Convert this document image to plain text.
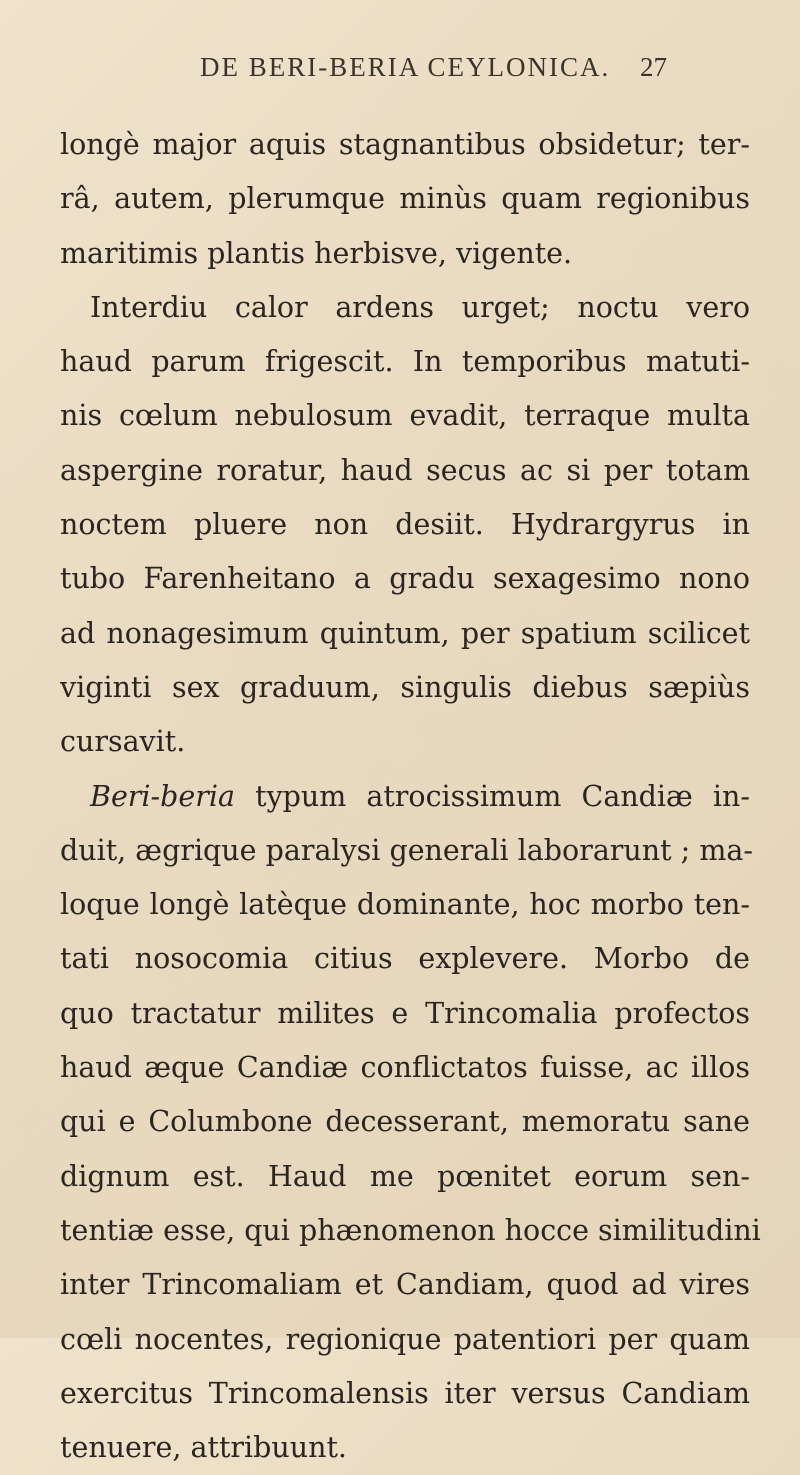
DE BERI-BERIA CEYLONICA. 27
longè major aquis stagnantibus obsidetur; ter-
râ, autem, plerumque minùs quam regionibus
maritimis plantis herbisve, vigente.
Interdiu calor ardens urget; noctu vero
haud parum frigescit. In temporibus matuti-
nis cœlum nebulosum evadit, terraque multa
aspergine roratur, haud secus ac si per totam
noctem pluere non desiit. Hydrargyrus in
tubo Farenheitano a gradu sexagesimo nono
ad nonagesimum quintum, per spatium scilicet
viginti sex graduum, singulis diebus sæpiùs
cursavit.
Beri-beria typum atrocissimum Candiæ in-
duit, ægrique paralysi generali laborarunt ; ma-
loque longè latèque dominante, hoc morbo ten-
tati nosocomia citius explevere. Morbo de
quo tractatur milites e Trincomalia profectos
haud æque Candiæ conflictatos fuisse, ac illos
qui e Columbone decesserant, memoratu sane
dignum est. Haud me pœnitet eorum sen-
tentiæ esse, qui phænomenon hocce similitudini
inter Trincomaliam et Candiam, quod ad vires
cœli nocentes, regionique patentiori per quam
exercitus Trincomalensis iter versus Candiam
tenuere, attribuunt.
